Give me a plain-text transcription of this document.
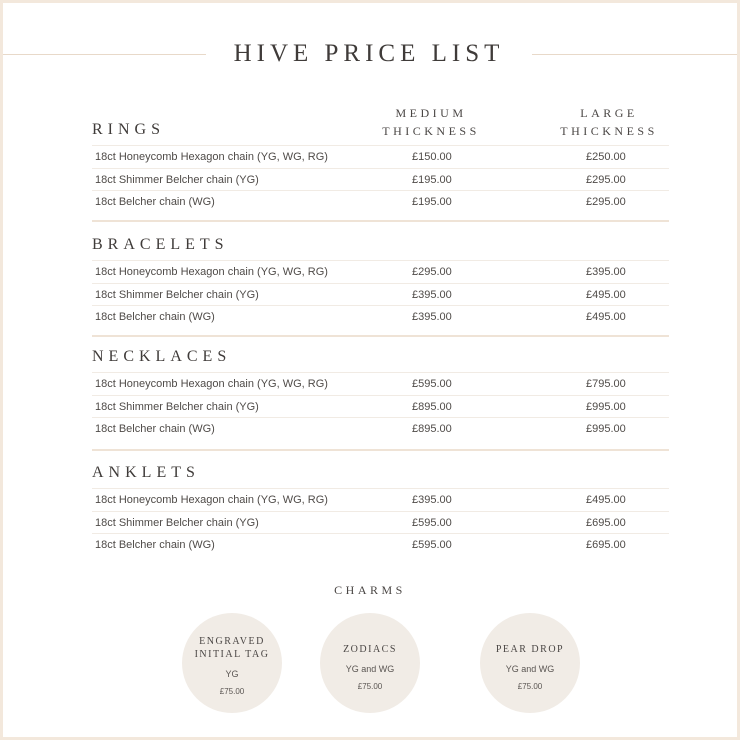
HIVE PRICE LIST
MEDIUM THICKNESS
LARGE THICKNESS
RINGS
18ct Honeycomb Hexagon chain (YG, WG, RG)	£150.00	£250.00
18ct Shimmer Belcher chain (YG)	£195.00	£295.00
18ct Belcher chain (WG)	£195.00	£295.00
BRACELETS
18ct Honeycomb Hexagon chain (YG, WG, RG)	£295.00	£395.00
18ct Shimmer Belcher chain (YG)	£395.00	£495.00
18ct Belcher chain (WG)	£395.00	£495.00
NECKLACES
18ct Honeycomb Hexagon chain (YG, WG, RG)	£595.00	£795.00
18ct Shimmer Belcher chain (YG)	£895.00	£995.00
18ct Belcher chain (WG)	£895.00	£995.00
ANKLETS
18ct Honeycomb Hexagon chain (YG, WG, RG)	£395.00	£495.00
18ct Shimmer Belcher chain (YG)	£595.00	£695.00
18ct Belcher chain (WG)	£595.00	£695.00
CHARMS
ENGRAVED INITIAL TAG
YG
£75.00
ZODIACS
YG and WG
£75.00
PEAR DROP
YG and WG
£75.00
